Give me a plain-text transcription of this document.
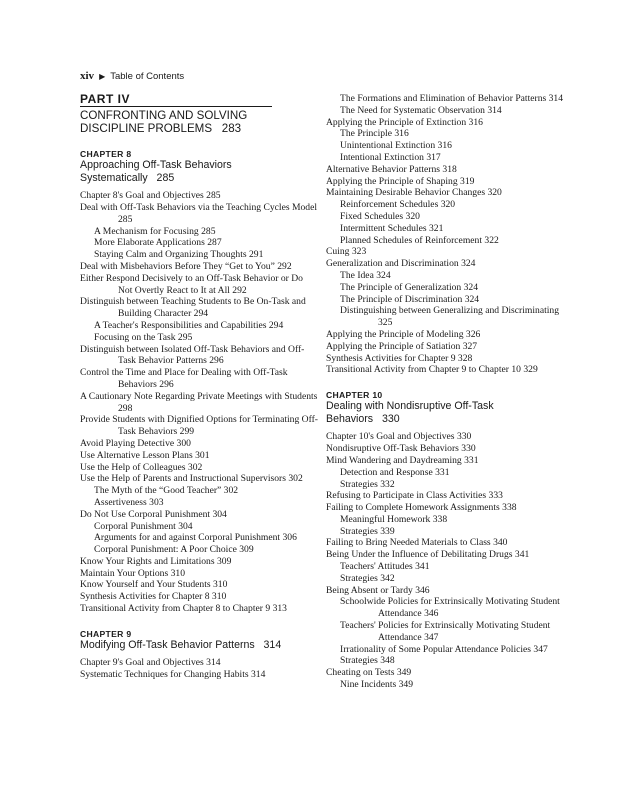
xiv ▶ Table of Contents
PART IV
CONFRONTING AND SOLVING
DISCIPLINE PROBLEMS 283
CHAPTER 8
Approaching Off-Task Behaviors
Systematically 285
Chapter 8's Goal and Objectives 285
Deal with Off-Task Behaviors via the Teaching Cycles Model 285
A Mechanism for Focusing 285
More Elaborate Applications 287
Staying Calm and Organizing Thoughts 291
Deal with Misbehaviors Before They “Get to You” 292
Either Respond Decisively to an Off-Task Behavior or Do Not Overtly React to It at All 292
Distinguish between Teaching Students to Be On-Task and Building Character 294
A Teacher's Responsibilities and Capabilities 294
Focusing on the Task 295
Distinguish between Isolated Off-Task Behaviors and Off-Task Behavior Patterns 296
Control the Time and Place for Dealing with Off-Task Behaviors 296
A Cautionary Note Regarding Private Meetings with Students 298
Provide Students with Dignified Options for Terminating Off-Task Behaviors 299
Avoid Playing Detective 300
Use Alternative Lesson Plans 301
Use the Help of Colleagues 302
Use the Help of Parents and Instructional Supervisors 302
The Myth of the “Good Teacher” 302
Assertiveness 303
Do Not Use Corporal Punishment 304
Corporal Punishment 304
Arguments for and against Corporal Punishment 306
Corporal Punishment: A Poor Choice 309
Know Your Rights and Limitations 309
Maintain Your Options 310
Know Yourself and Your Students 310
Synthesis Activities for Chapter 8 310
Transitional Activity from Chapter 8 to Chapter 9 313
CHAPTER 9
Modifying Off-Task Behavior Patterns 314
Chapter 9's Goal and Objectives 314
Systematic Techniques for Changing Habits 314
The Formations and Elimination of Behavior Patterns 314
The Need for Systematic Observation 314
Applying the Principle of Extinction 316
The Principle 316
Unintentional Extinction 316
Intentional Extinction 317
Alternative Behavior Patterns 318
Applying the Principle of Shaping 319
Maintaining Desirable Behavior Changes 320
Reinforcement Schedules 320
Fixed Schedules 320
Intermittent Schedules 321
Planned Schedules of Reinforcement 322
Cuing 323
Generalization and Discrimination 324
The Idea 324
The Principle of Generalization 324
The Principle of Discrimination 324
Distinguishing between Generalizing and Discriminating 325
Applying the Principle of Modeling 326
Applying the Principle of Satiation 327
Synthesis Activities for Chapter 9 328
Transitional Activity from Chapter 9 to Chapter 10 329
CHAPTER 10
Dealing with Nondisruptive Off-Task Behaviors 330
Chapter 10's Goal and Objectives 330
Nondisruptive Off-Task Behaviors 330
Mind Wandering and Daydreaming 331
Detection and Response 331
Strategies 332
Refusing to Participate in Class Activities 333
Failing to Complete Homework Assignments 338
Meaningful Homework 338
Strategies 339
Failing to Bring Needed Materials to Class 340
Being Under the Influence of Debilitating Drugs 341
Teachers' Attitudes 341
Strategies 342
Being Absent or Tardy 346
Schoolwide Policies for Extrinsically Motivating Student Attendance 346
Teachers' Policies for Extrinsically Motivating Student Attendance 347
Irrationality of Some Popular Attendance Policies 347
Strategies 348
Cheating on Tests 349
Nine Incidents 349
